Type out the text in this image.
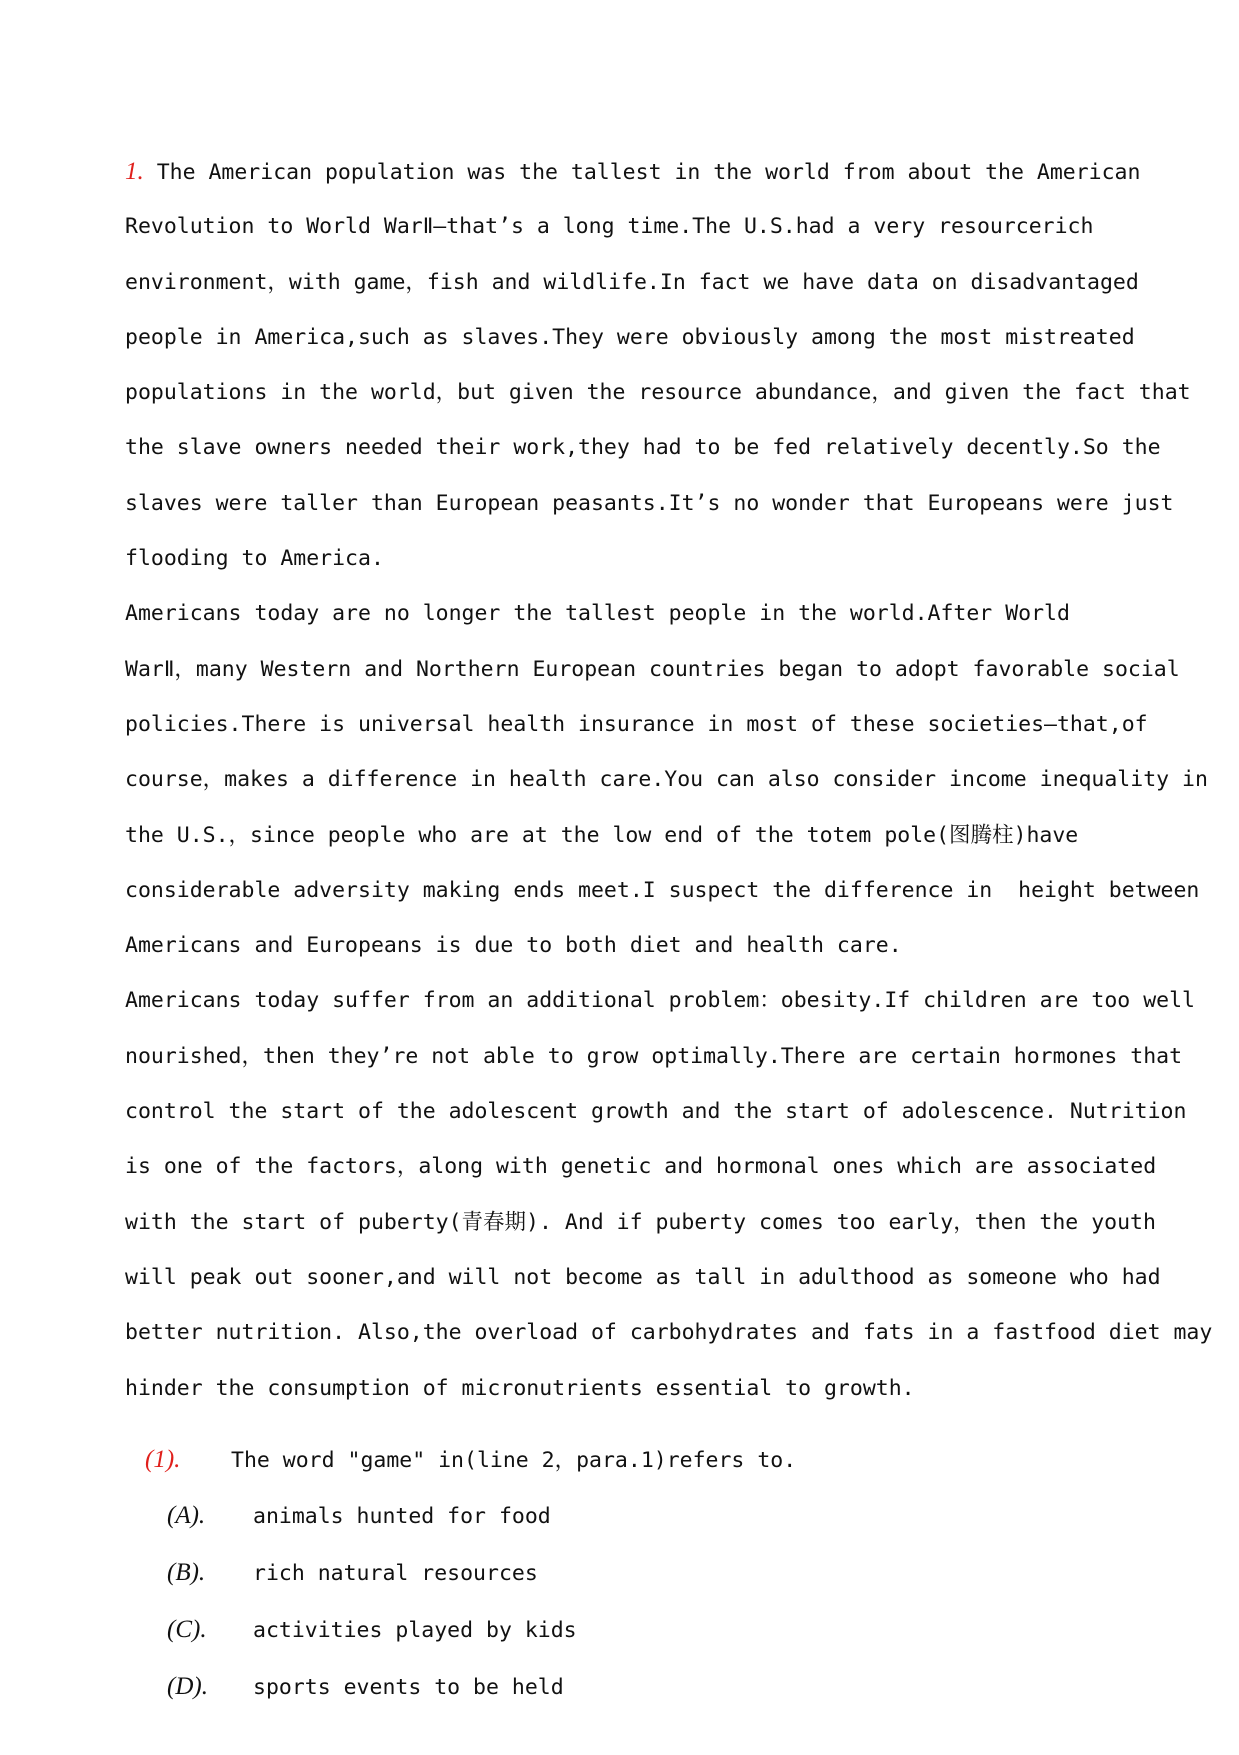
1. The American population was the tallest in the world from about the American
Revolution to World WarⅡ—that’s a long time.The U.S.had a very resourcerich
environment，with game，fish and wildlife.In fact we have data on disadvantaged
people in America,such as slaves.They were obviously among the most mistreated
populations in the world，but given the resource abundance，and given the fact that
the slave owners needed their work,they had to be fed relatively decently.So the
slaves were taller than European peasants.It’s no wonder that Europeans were just
flooding to America.
Americans today are no longer the tallest people in the world.After World
WarⅡ，many Western and Northern European countries began to adopt favorable social
policies.There is universal health insurance in most of these societies—that,of
course，makes a difference in health care.You can also consider income inequality in
the U.S.，since people who are at the low end of the totem pole(图腾柱)have
considerable adversity making ends meet.I suspect the difference in  height between
Americans and Europeans is due to both diet and health care.
Americans today suffer from an additional problem：obesity.If children are too well
nourished，then they’re not able to grow optimally.There are certain hormones that
control the start of the adolescent growth and the start of adolescence. Nutrition
is one of the factors，along with genetic and hormonal ones which are associated
with the start of puberty(青春期). And if puberty comes too early，then the youth
will peak out sooner,and will not become as tall in adulthood as someone who had
better nutrition. Also,the overload of carbohydrates and fats in a fastfood diet may
hinder the consumption of micronutrients essential to growth.
(1). The word "game" in(line 2，para.1)refers to.
(A). animals hunted for food
(B). rich natural resources
(C). activities played by kids
(D). sports events to be held
